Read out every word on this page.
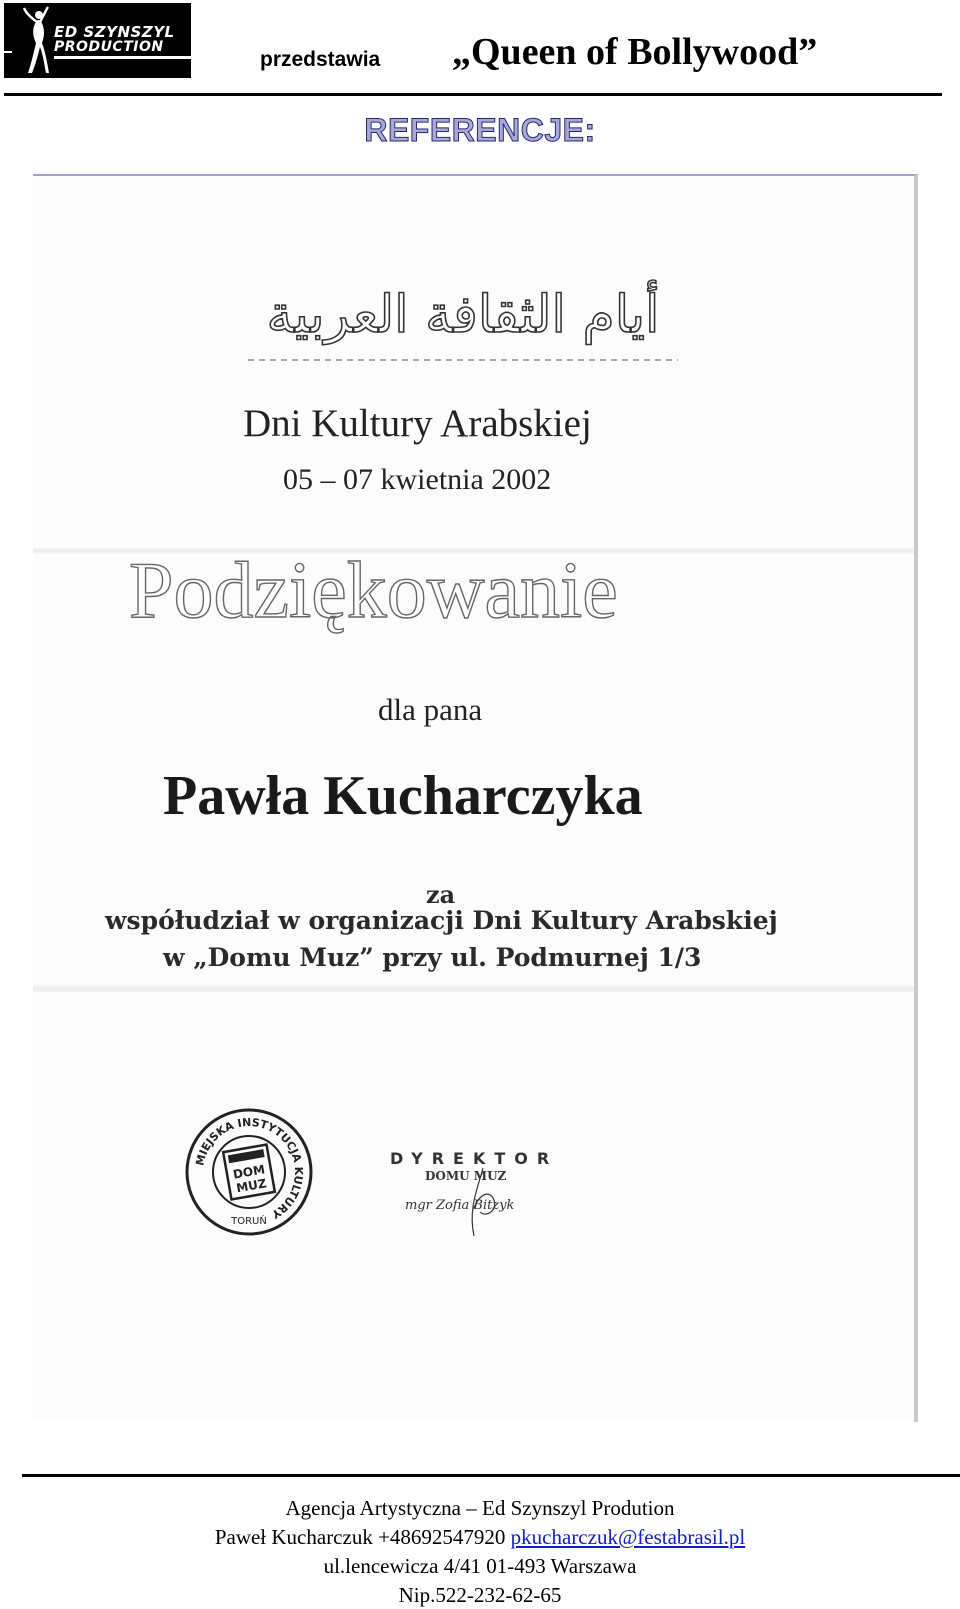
ED SZYNSZYL
PRODUCTION
przedstawia „Queen of Bollywood”
REFERENCJE:
أيام الثقافة العربية
Dni Kultury Arabskiej
05 – 07 kwietnia 2002
Podziękowanie
dla pana
Pawła Kucharczyka
za
współudział w organizacji Dni Kultury Arabskiej
w „Domu Muz” przy ul. Podmurnej 1/3
MIEJSKA INSTYTUCJA KULTURY
TORUŃ
DOM
MUZ
DYREKTOR
DOMU MUZ
mgr Zofia Bitzyk
Agencja Artystyczna – Ed Szynszyl Prodution
Paweł Kucharczuk +48692547920 pkucharczuk@festabrasil.pl
ul.lencewicza 4/41 01-493 Warszawa
Nip.522-232-62-65
